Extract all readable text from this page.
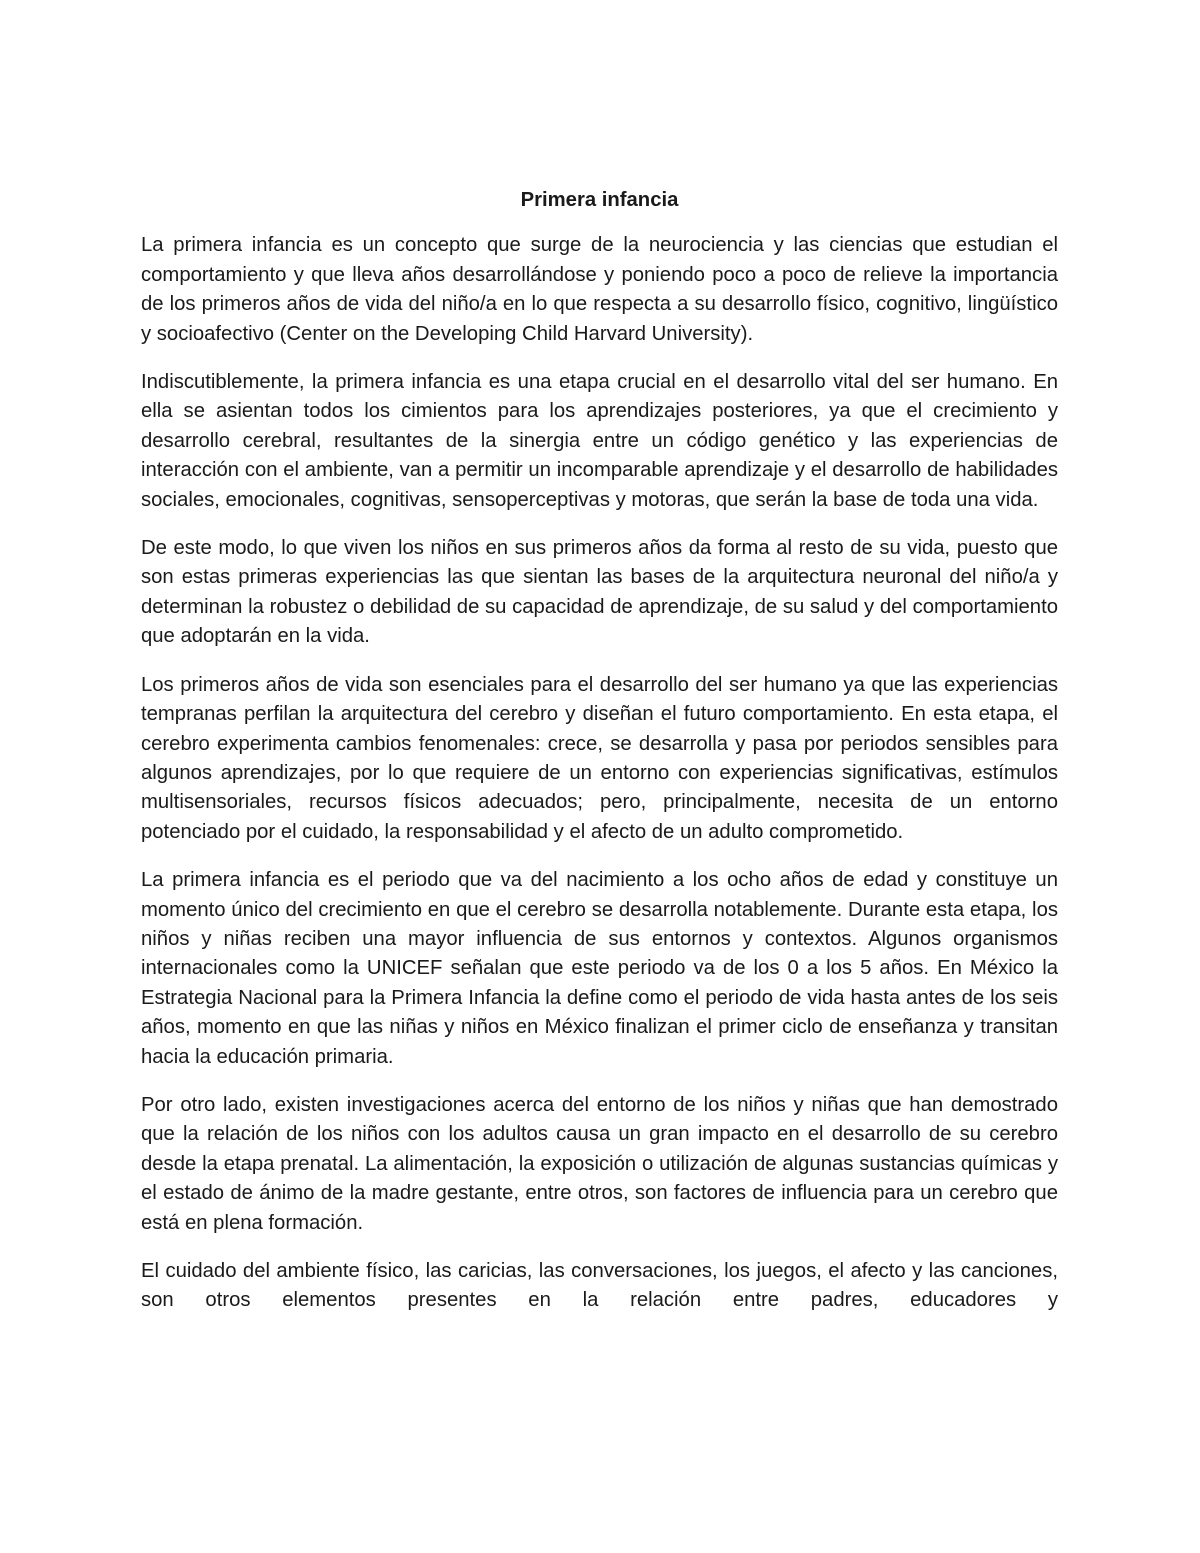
Primera infancia

La primera infancia es un concepto que surge de la neurociencia y las ciencias que estudian el comportamiento y que lleva años desarrollándose y poniendo poco a poco de relieve la importancia de los primeros años de vida del niño/a en lo que respecta a su desarrollo físico, cognitivo, lingüístico y socioafectivo (Center on the Developing Child Harvard University).

Indiscutiblemente, la primera infancia es una etapa crucial en el desarrollo vital del ser humano. En ella se asientan todos los cimientos para los aprendizajes posteriores, ya que el crecimiento y desarrollo cerebral, resultantes de la sinergia entre un código genético y las experiencias de interacción con el ambiente, van a permitir un incomparable aprendizaje y el desarrollo de habilidades sociales, emocionales, cognitivas, sensoperceptivas y motoras, que serán la base de toda una vida.

De este modo, lo que viven los niños en sus primeros años da forma al resto de su vida, puesto que son estas primeras experiencias las que sientan las bases de la arquitectura neuronal del niño/a y determinan la robustez o debilidad de su capacidad de aprendizaje, de su salud y del comportamiento que adoptarán en la vida.

Los primeros años de vida son esenciales para el desarrollo del ser humano ya que las experiencias tempranas perfilan la arquitectura del cerebro y diseñan el futuro comportamiento. En esta etapa, el cerebro experimenta cambios fenomenales: crece, se desarrolla y pasa por periodos sensibles para algunos aprendizajes, por lo que requiere de un entorno con experiencias significativas, estímulos multisensoriales, recursos físicos adecuados; pero, principalmente, necesita de un entorno potenciado por el cuidado, la responsabilidad y el afecto de un adulto comprometido.

La primera infancia es el periodo que va del nacimiento a los ocho años de edad y constituye un momento único del crecimiento en que el cerebro se desarrolla notablemente. Durante esta etapa, los niños y niñas reciben una mayor influencia de sus entornos y contextos. Algunos organismos internacionales como la UNICEF señalan que este periodo va de los 0 a los 5 años. En México la Estrategia Nacional para la Primera Infancia la define como el periodo de vida hasta antes de los seis años, momento en que las niñas y niños en México finalizan el primer ciclo de enseñanza y transitan hacia la educación primaria.

Por otro lado, existen investigaciones acerca del entorno de los niños y niñas que han demostrado que la relación de los niños con los adultos causa un gran impacto en el desarrollo de su cerebro desde la etapa prenatal. La alimentación, la exposición o utilización de algunas sustancias químicas y el estado de ánimo de la madre gestante, entre otros, son factores de influencia para un cerebro que está en plena formación.

El cuidado del ambiente físico, las caricias, las conversaciones, los juegos, el afecto y las canciones, son otros elementos presentes en la relación entre padres, educadores y
